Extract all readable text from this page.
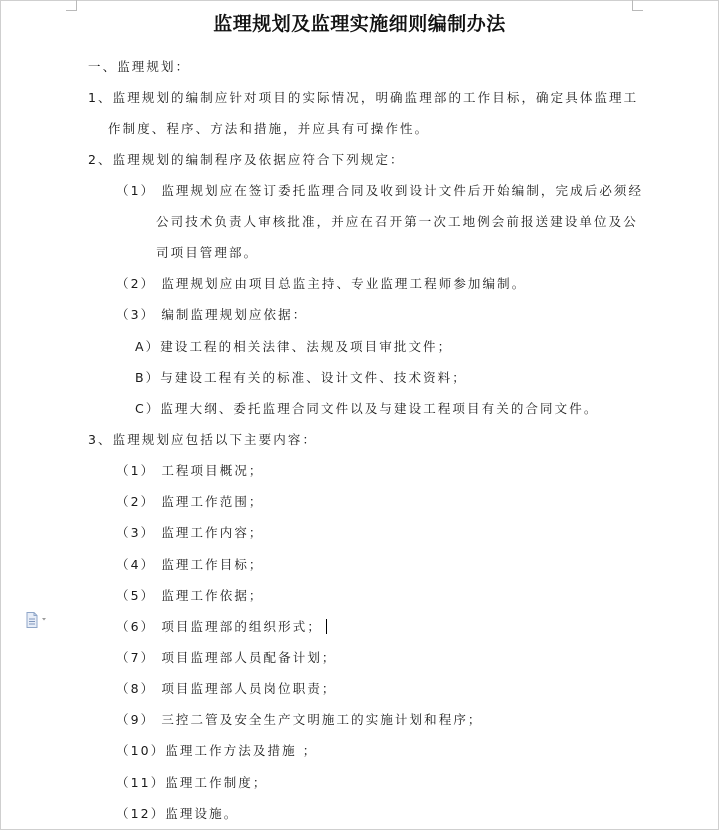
监理规划及监理实施细则编制办法
一、监理规划：
1、监理规划的编制应针对项目的实际情况，明确监理部的工作目标，确定具体监理工
作制度、程序、方法和措施，并应具有可操作性。
2、监理规划的编制程序及依据应符合下列规定：
（1） 监理规划应在签订委托监理合同及收到设计文件后开始编制，完成后必须经
公司技术负责人审核批准，并应在召开第一次工地例会前报送建设单位及公
司项目管理部。
（2） 监理规划应由项目总监主持、专业监理工程师参加编制。
（3） 编制监理规划应依据：
A）建设工程的相关法律、法规及项目审批文件；
B）与建设工程有关的标准、设计文件、技术资料；
C）监理大纲、委托监理合同文件以及与建设工程项目有关的合同文件。
3、监理规划应包括以下主要内容：
（1） 工程项目概况；
（2） 监理工作范围；
（3） 监理工作内容；
（4） 监理工作目标；
（5） 监理工作依据；
（6） 项目监理部的组织形式；
（7） 项目监理部人员配备计划；
（8） 项目监理部人员岗位职责；
（9） 三控二管及安全生产文明施工的实施计划和程序；
（10）监理工作方法及措施 ；
（11）监理工作制度；
（12）监理设施。
